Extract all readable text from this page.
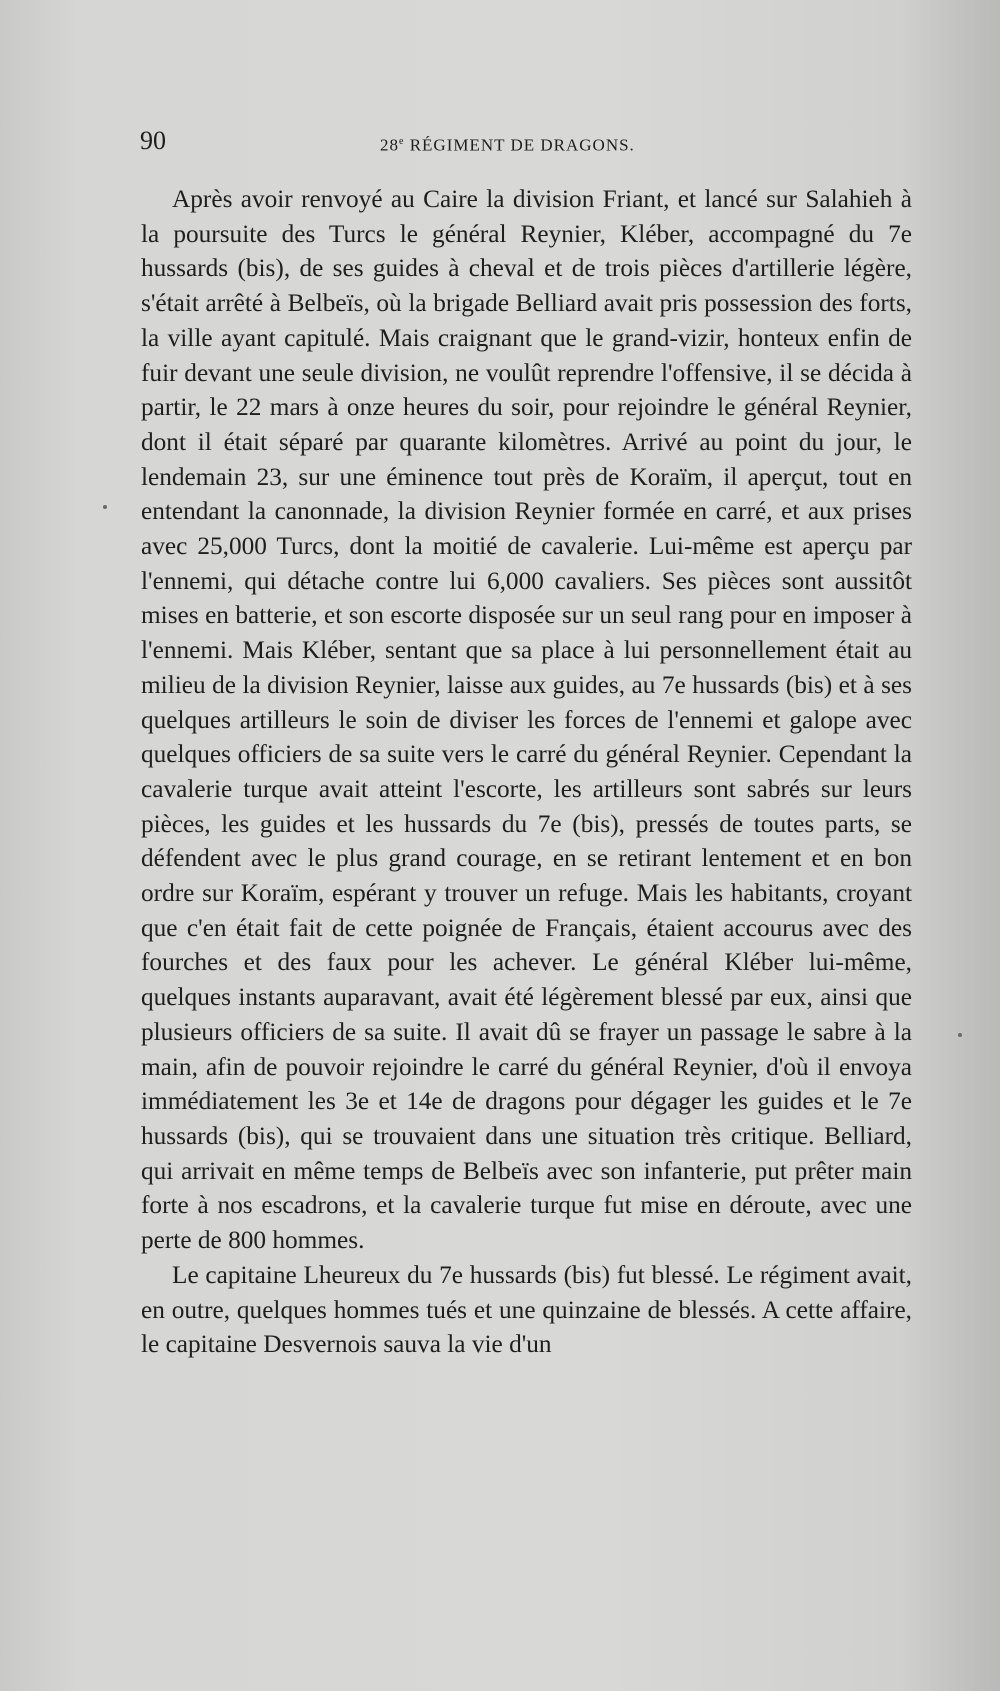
90	28e RÉGIMENT DE DRAGONS.

Après avoir renvoyé au Caire la division Friant, et lancé sur Salahieh à la poursuite des Turcs le général Reynier, Kléber, accompagné du 7e hussards (bis), de ses guides à cheval et de trois pièces d'artillerie légère, s'était arrêté à Belbeïs, où la brigade Belliard avait pris possession des forts, la ville ayant capitulé. Mais craignant que le grand-vizir, honteux enfin de fuir devant une seule division, ne voulût reprendre l'offensive, il se décida à partir, le 22 mars à onze heures du soir, pour rejoindre le général Reynier, dont il était séparé par quarante kilomètres. Arrivé au point du jour, le lendemain 23, sur une éminence tout près de Koraïm, il aperçut, tout en entendant la canonnade, la division Reynier formée en carré, et aux prises avec 25,000 Turcs, dont la moitié de cavalerie. Lui-même est aperçu par l'ennemi, qui détache contre lui 6,000 cavaliers. Ses pièces sont aussitôt mises en batterie, et son escorte disposée sur un seul rang pour en imposer à l'ennemi. Mais Kléber, sentant que sa place à lui personnellement était au milieu de la division Reynier, laisse aux guides, au 7e hussards (bis) et à ses quelques artilleurs le soin de diviser les forces de l'ennemi et galope avec quelques officiers de sa suite vers le carré du général Reynier. Cependant la cavalerie turque avait atteint l'escorte, les artilleurs sont sabrés sur leurs pièces, les guides et les hussards du 7e (bis), pressés de toutes parts, se défendent avec le plus grand courage, en se retirant lentement et en bon ordre sur Koraïm, espérant y trouver un refuge. Mais les habitants, croyant que c'en était fait de cette poignée de Français, étaient accourus avec des fourches et des faux pour les achever. Le général Kléber lui-même, quelques instants auparavant, avait été légèrement blessé par eux, ainsi que plusieurs officiers de sa suite. Il avait dû se frayer un passage le sabre à la main, afin de pouvoir rejoindre le carré du général Reynier, d'où il envoya immédiatement les 3e et 14e de dragons pour dégager les guides et le 7e hussards (bis), qui se trouvaient dans une situation très critique. Belliard, qui arrivait en même temps de Belbeïs avec son infanterie, put prêter main forte à nos escadrons, et la cavalerie turque fut mise en déroute, avec une perte de 800 hommes.

Le capitaine Lheureux du 7e hussards (bis) fut blessé. Le régiment avait, en outre, quelques hommes tués et une quinzaine de blessés. A cette affaire, le capitaine Desvernois sauva la vie d'un
